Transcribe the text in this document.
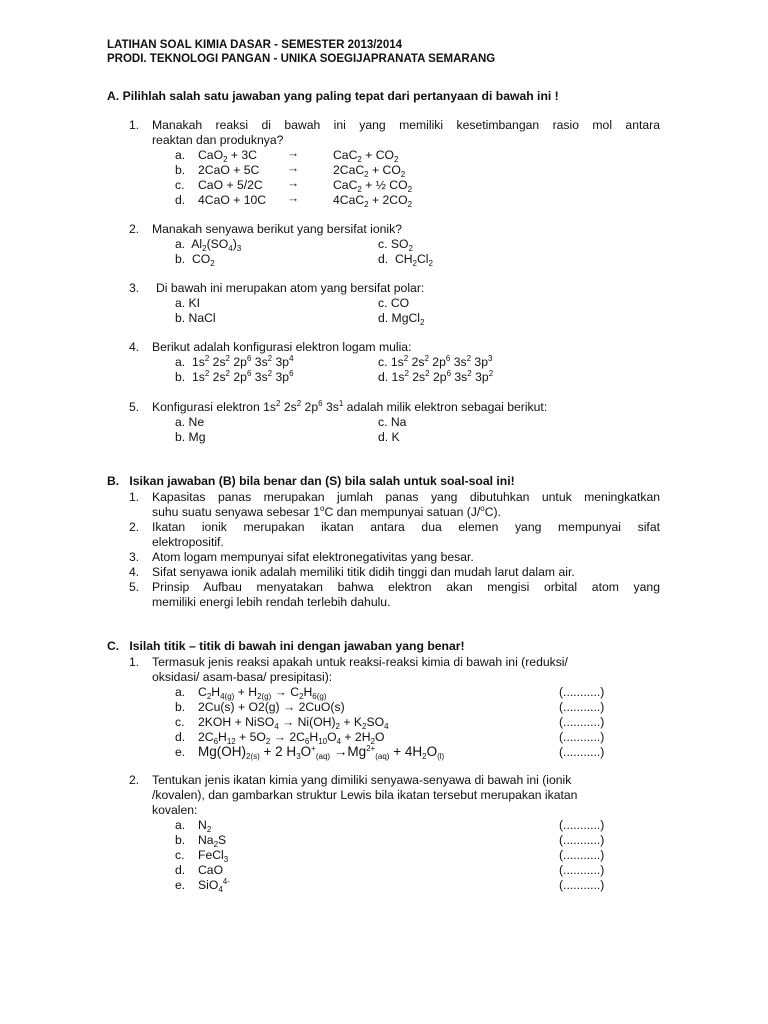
LATIHAN SOAL KIMIA DASAR - SEMESTER 2013/2014
PRODI. TEKNOLOGI PANGAN - UNIKA SOEGIJAPRANATA SEMARANG
A. Pilihlah salah satu jawaban yang paling tepat dari pertanyaan di bawah ini !
1. Manakah reaksi di bawah ini yang memiliki kesetimbangan rasio mol antara
reaktan dan produknya?
a. CaO$_2$ + 3C →	$CaC_2 + CO_2$
b. 2CaO + 5C →	$2CaC_2 + CO_2$
c. CaO + 5/2C →	CaC$_2$ + ½ $CO_2$
d. 4CaO + 10C →	$4CaC_2 + 2CO_2$
2. Manakah senyawa berikut yang bersifat ionik?
a.  $Al_2(SO_4)_3$	c. $SO_2$
b.  $CO_2$	d.  $CH_2Cl_2$
3. Di bawah ini merupakan atom yang bersifat polar:
a. KI	c. CO
b. NaCl	d. MgCl$_2$
4. Berikut adalah konfigurasi elektron logam mulia:
a.  $1s^2$ $2s^2$ $2p^6$ $3s^2$ $3p^4$	c. $1s^2$ $2s^2$ $2p^6$ $3s^2$ $3p^3$
b.  $1s^2$ $2s^2$ $2p^6$ $3s^2$ $3p^6$	d. $1s^2$ $2s^2$ $2p^6$ $3s^2$ $3p^2$
5. Konfigurasi elektron $1s^2$ $2s^2$ $2p^6$ $3s^1$ adalah milik elektron sebagai berikut:
a. Ne	c. Na
b. Mg	d. K
B.   Isikan jawaban (B) bila benar dan (S) bila salah untuk soal-soal ini!
1. Kapasitas panas merupakan jumlah panas yang dibutuhkan untuk meningkatkan
suhu suatu senyawa sebesar 1$^o$C dan mempunyai satuan (J/$^o$C).
2. Ikatan ionik merupakan ikatan antara dua elemen yang mempunyai sifat
elektropositif.
3. Atom logam mempunyai sifat elektronegativitas yang besar.
4. Sifat senyawa ionik adalah memiliki titik didih tinggi dan mudah larut dalam air.
5. Prinsip Aufbau menyatakan bahwa elektron akan mengisi orbital atom yang
memiliki energi lebih rendah terlebih dahulu.
C.   Isilah titik – titik di bawah ini dengan jawaban yang benar!
1. Termasuk jenis reaksi apakah untuk reaksi-reaksi kimia di bawah ini (reduksi/
oksidasi/ asam-basa/ presipitasi):
a. $C_2H_{4(g)} + H_{2(g)} \to C_2H_{6(g)}$	(...........)
b. 2Cu(s) + O2(g) → 2CuO(s)	(...........)
c. 2KOH + NiSO$_4$ → $Ni(OH)_2 + K_2SO_4$	(...........)
d. $2C_6H_{12} + 5O_2 \to 2C_6H_{10}O_4 + 2H_2O$	(...........)
e. $Mg(OH)_{2(s)} + 2$ $H_3O^+_{(aq)} \to Mg^{2+}_{(aq)} + 4H_2O_{(l)}$	(...........)
2. Tentukan jenis ikatan kimia yang dimiliki senyawa-senyawa di bawah ini (ionik
/kovalen), dan gambarkan struktur Lewis bila ikatan tersebut merupakan ikatan
kovalen:
a. $N_2$	(...........)
b. $Na_2S$	(...........)
c. FeCl$_3$	(...........)
d. CaO	(...........)
e. SiO$_4^{4-}$	(...........)
